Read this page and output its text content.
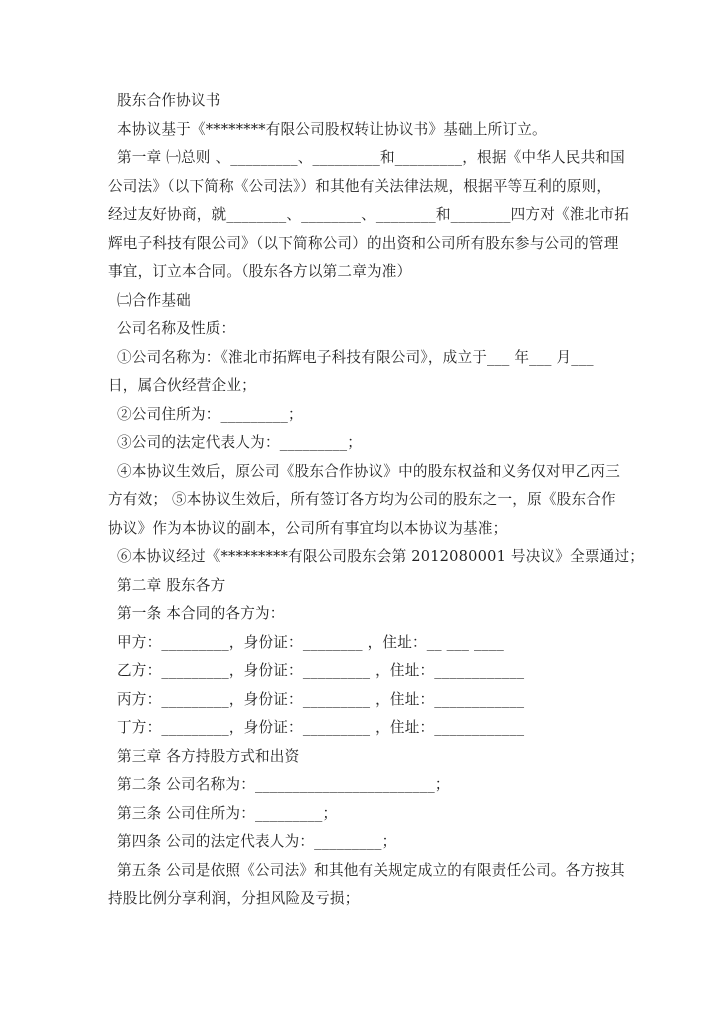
股东合作协议书
本协议基于《********有限公司股权转让协议书》基础上所订立。
第一章 ㈠总则 、_________、_________和_________，根据《中华人民共和国
公司法》（以下简称《公司法》）和其他有关法律法规，根据平等互利的原则，
经过友好协商，就________、________、________和________四方对《淮北市拓
辉电子科技有限公司》（以下简称公司）的出资和公司所有股东参与公司的管理
事宜，订立本合同。（股东各方以第二章为准）
㈡合作基础
公司名称及性质：
①公司名称为：《淮北市拓辉电子科技有限公司》，成立于___ 年___ 月___
日，属合伙经营企业；
②公司住所为：_________；
③公司的法定代表人为：_________；
④本协议生效后，原公司《股东合作协议》中的股东权益和义务仅对甲乙丙三
方有效； ⑤本协议生效后，所有签订各方均为公司的股东之一，原《股东合作
协议》作为本协议的副本，公司所有事宜均以本协议为基准；
⑥本协议经过《*********有限公司股东会第 2012080001 号决议》全票通过；
第二章 股东各方
第一条 本合同的各方为：
甲方：_________，身份证：________ ，住址：__ ___ ____
乙方：_________，身份证：_________ ，住址：____________
丙方：_________，身份证：_________ ，住址：____________
丁方：_________，身份证：_________ ，住址：____________
第三章 各方持股方式和出资
第二条 公司名称为：________________________；
第三条 公司住所为：_________；
第四条 公司的法定代表人为：_________；
第五条 公司是依照《公司法》和其他有关规定成立的有限责任公司。各方按其
持股比例分享利润，分担风险及亏损；
